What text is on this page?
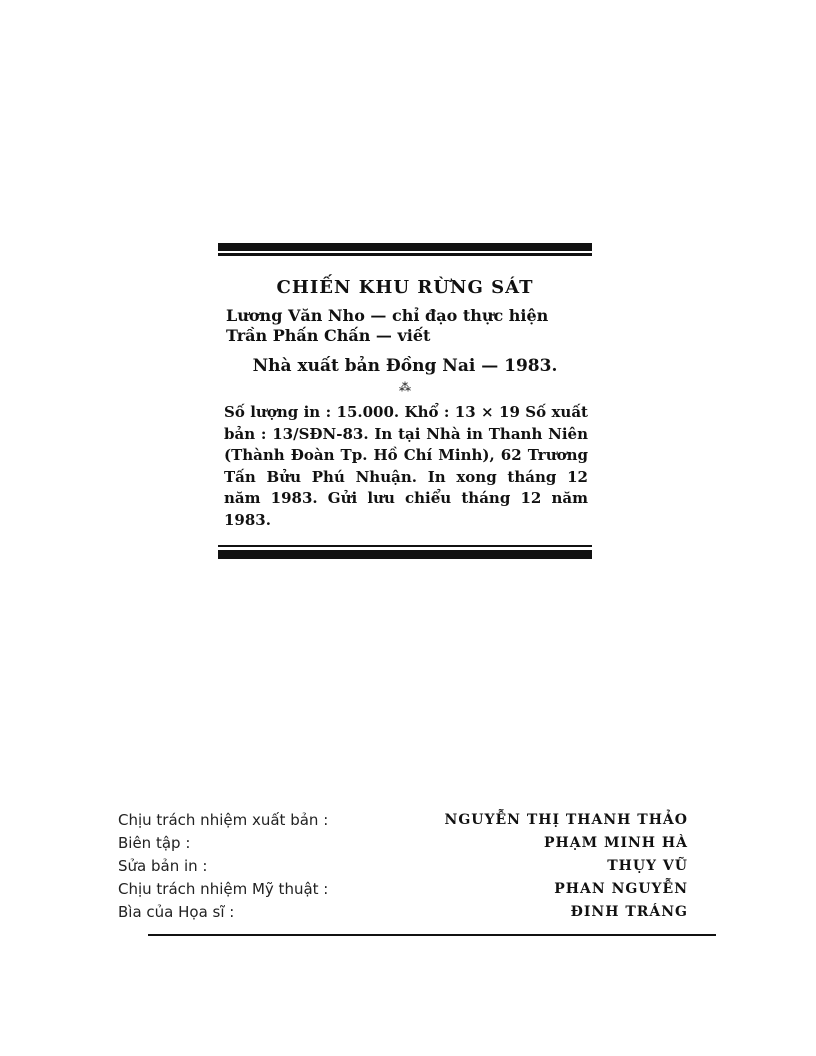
CHIẾN KHU RỪNG SÁT
Lương Văn Nho — chỉ đạo thực hiện
Trần Phấn Chấn — viết
Nhà xuất bản Đồng Nai — 1983.
⁂
Số lượng in : 15.000. Khổ : 13 × 19 Số xuất bản : 13/SĐN-83. In tại Nhà in Thanh Niên (Thành Đoàn Tp. Hồ Chí Minh), 62 Trương Tấn Bửu Phú Nhuận. In xong tháng 12 năm 1983. Gửi lưu chiểu tháng 12 năm 1983.
Chịu trách nhiệm xuất bản :	NGUYỄN THỊ THANH THẢO
Biên tập :	PHẠM MINH HÀ
Sửa bản in :	THỤY VŨ
Chịu trách nhiệm Mỹ thuật :	PHAN NGUYỄN
Bìa của Họa sĩ :	ĐINH TRÁNG
